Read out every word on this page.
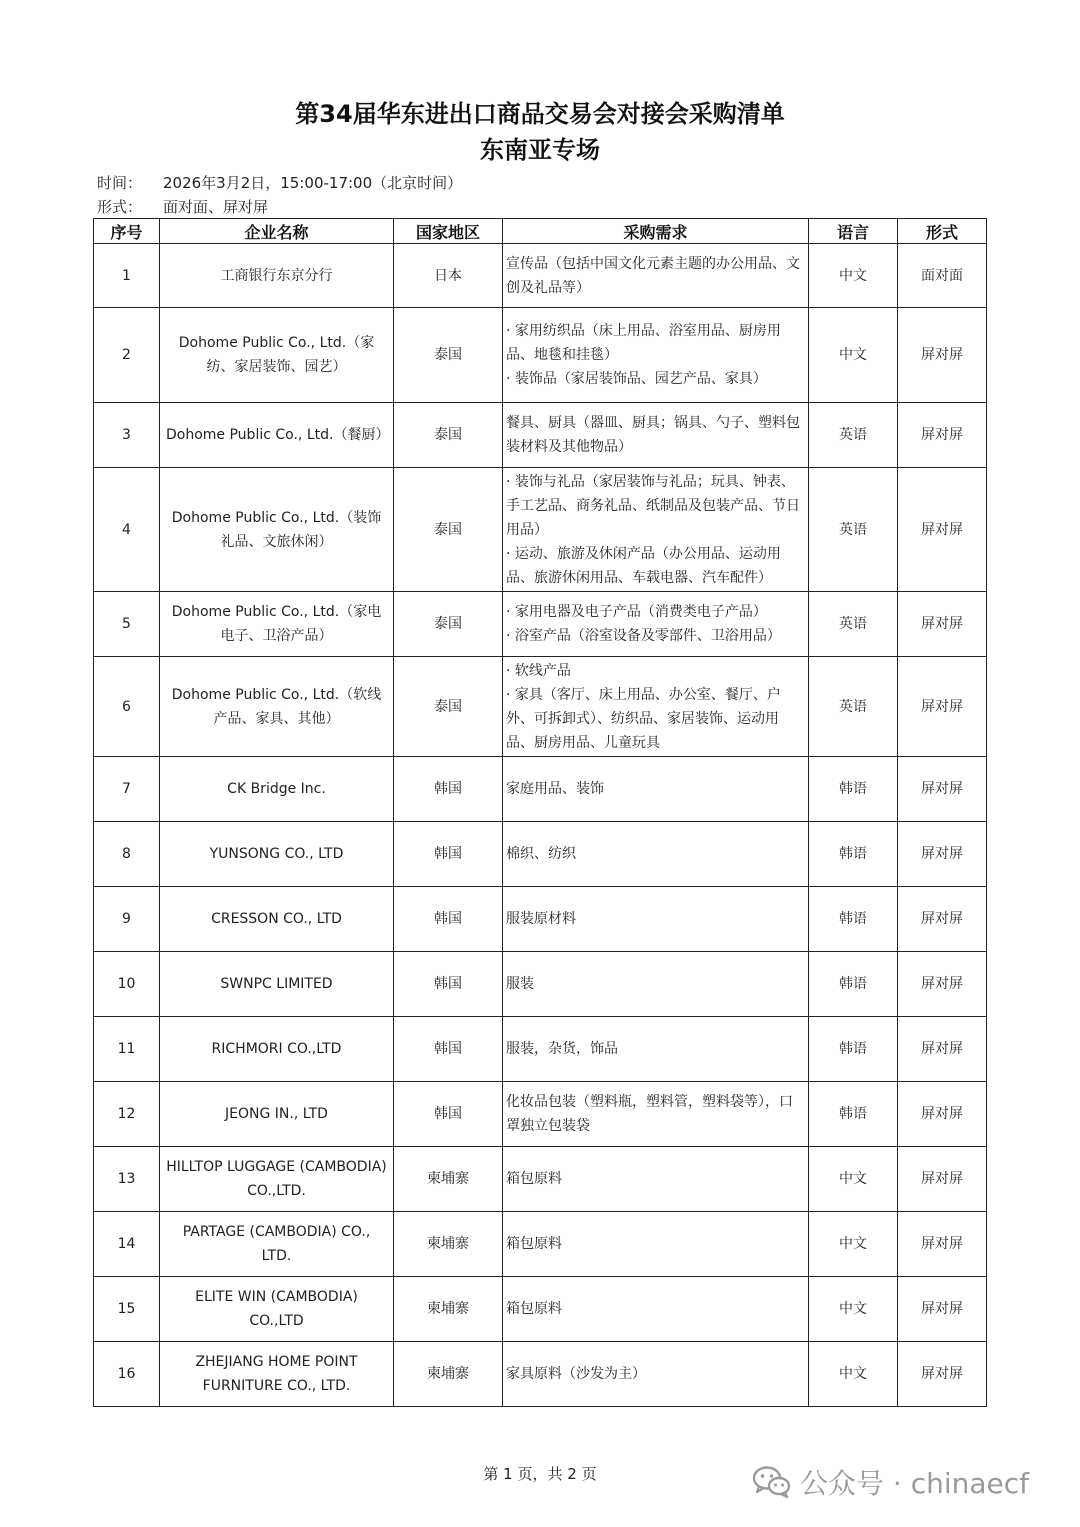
第34届华东进出口商品交易会对接会采购清单
东南亚专场
时间： 2026年3月2日，15:00-17:00（北京时间）
形式： 面对面、屏对屏
序号	企业名称	国家地区	采购需求	语言	形式
1	工商银行东京分行	日本	宣传品（包括中国文化元素主题的办公用品、文创及礼品等）	中文	面对面
2	Dohome Public Co., Ltd.（家纺、家居装饰、园艺）	泰国	· 家用纺织品（床上用品、浴室用品、厨房用品、地毯和挂毯）
· 装饰品（家居装饰品、园艺产品、家具）	中文	屏对屏
3	Dohome Public Co., Ltd.（餐厨）	泰国	餐具、厨具（器皿、厨具；锅具、勺子、塑料包装材料及其他物品）	英语	屏对屏
4	Dohome Public Co., Ltd.（装饰礼品、文旅休闲）	泰国	· 装饰与礼品（家居装饰与礼品；玩具、钟表、手工艺品、商务礼品、纸制品及包装产品、节日用品）
· 运动、旅游及休闲产品（办公用品、运动用品、旅游休闲用品、车载电器、汽车配件）	英语	屏对屏
5	Dohome Public Co., Ltd.（家电电子、卫浴产品）	泰国	· 家用电器及电子产品（消费类电子产品）
· 浴室产品（浴室设备及零部件、卫浴用品）	英语	屏对屏
6	Dohome Public Co., Ltd.（软线产品、家具、其他）	泰国	· 软线产品
· 家具（客厅、床上用品、办公室、餐厅、户外、可拆卸式）、纺织品、家居装饰、运动用品、厨房用品、儿童玩具	英语	屏对屏
7	CK Bridge Inc.	韩国	家庭用品、装饰	韩语	屏对屏
8	YUNSONG CO., LTD	韩国	棉织、纺织	韩语	屏对屏
9	CRESSON CO., LTD	韩国	服装原材料	韩语	屏对屏
10	SWNPC LIMITED	韩国	服装	韩语	屏对屏
11	RICHMORI CO.,LTD	韩国	服装，杂货，饰品	韩语	屏对屏
12	JEONG IN., LTD	韩国	化妆品包装（塑料瓶，塑料管，塑料袋等），口罩独立包装袋	韩语	屏对屏
13	HILLTOP LUGGAGE (CAMBODIA) CO.,LTD.	柬埔寨	箱包原料	中文	屏对屏
14	PARTAGE (CAMBODIA) CO., LTD.	柬埔寨	箱包原料	中文	屏对屏
15	ELITE WIN (CAMBODIA) CO.,LTD	柬埔寨	箱包原料	中文	屏对屏
16	ZHEJIANG HOME POINT FURNITURE CO., LTD.	柬埔寨	家具原料（沙发为主）	中文	屏对屏
第 1 页，共 2 页	公众号 · chinaecf
